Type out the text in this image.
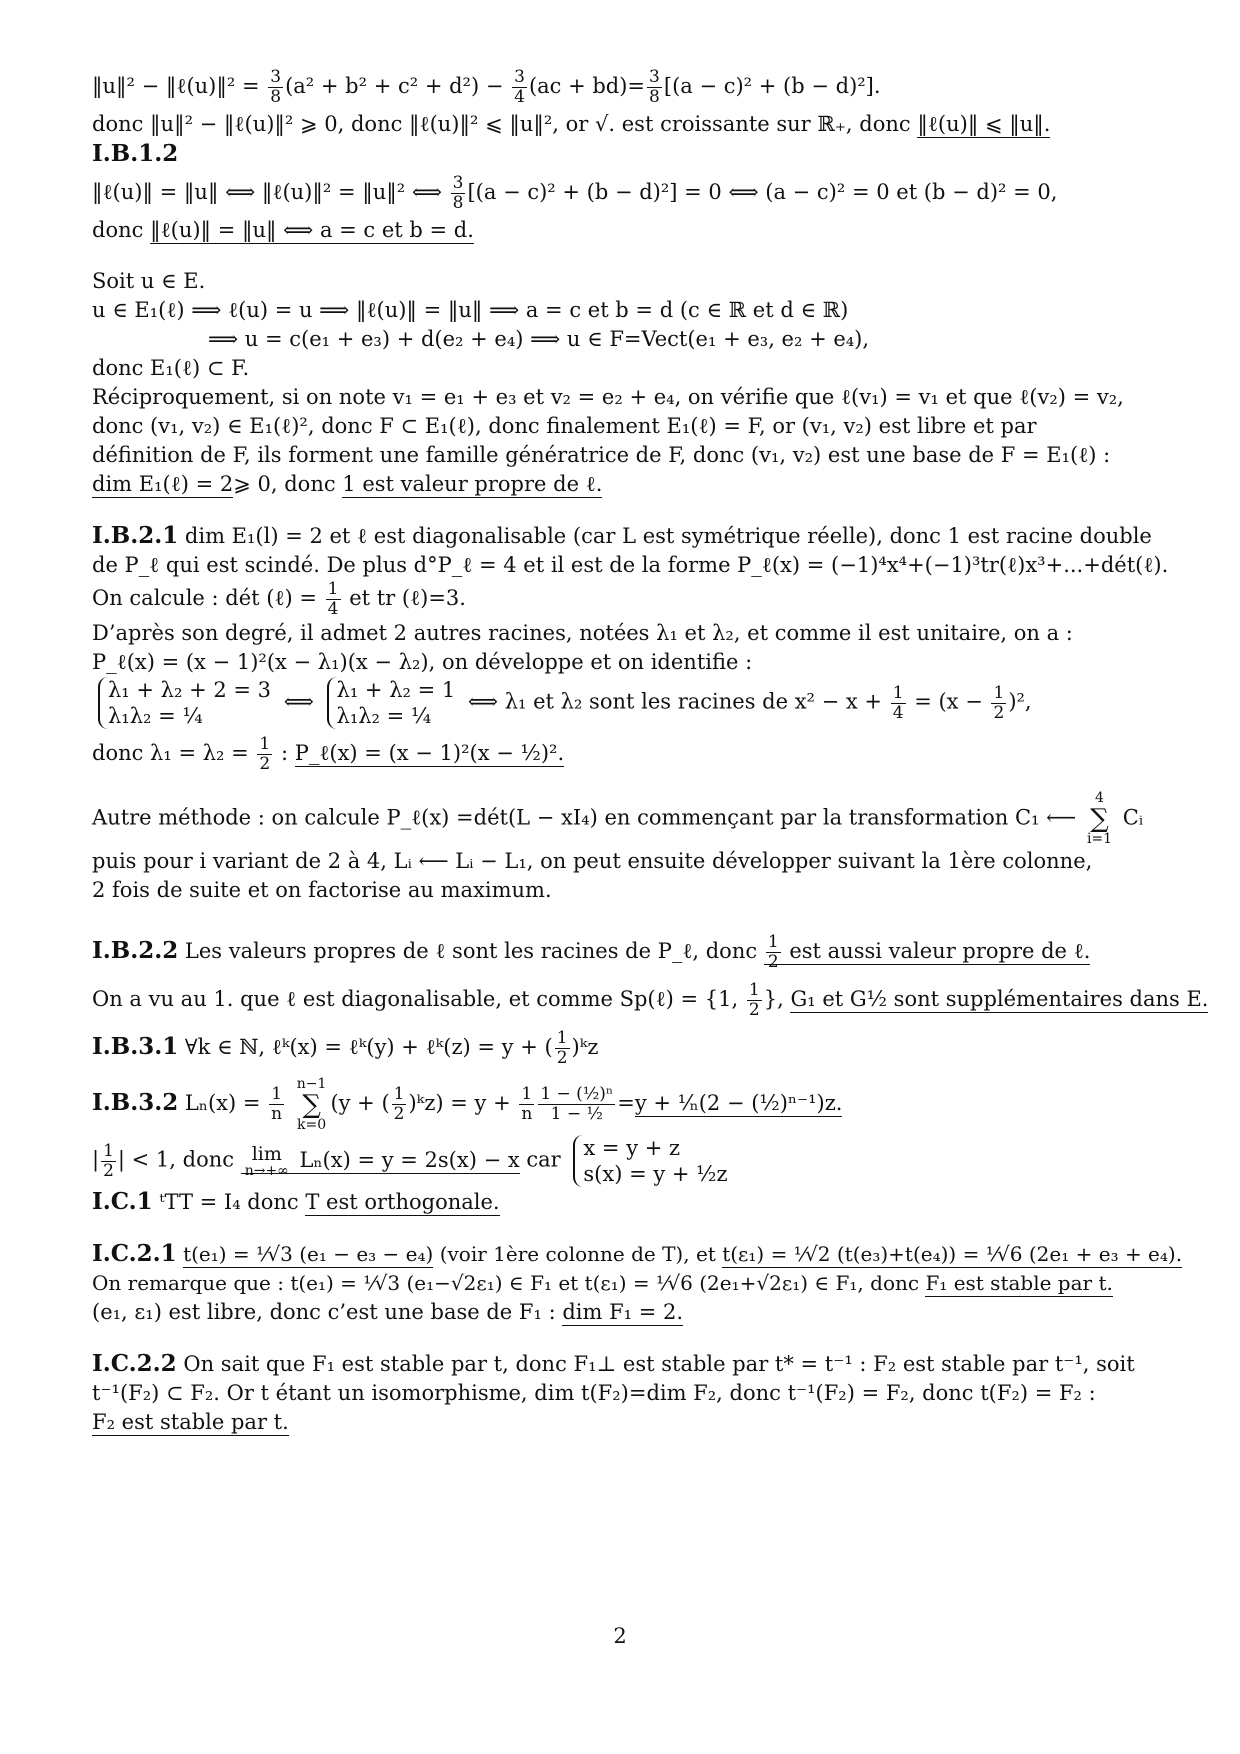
‖u‖² − ‖ℓ(u)‖² = $\frac{3}{8} (a^2 + b^2 + c^2 + d^2) - \frac{3}{4} (ac + bd)= \frac{3}{8} [(a - c)^2 + (b - d)^2]$.
donc ‖u‖² − ‖ℓ(u)‖² ⩾ 0, donc ‖ℓ(u)‖² ⩽ ‖u‖², or √. est croissante sur ℝ₊, donc ‖ℓ(u)‖ ⩽ ‖u‖.
I.B.1.2
‖ℓ(u)‖ = ‖u‖ ⟺ ‖ℓ(u)‖² = ‖u‖² ⟺ $\frac{3}{8} [(a - c)^2 + (b - d)^2] = 0$ ⟺ (a − c)² = 0 et (b − d)² = 0,
donc ‖ℓ(u)‖ = ‖u‖ ⟺ a = c et b = d.
Soit u ∈ E.
u ∈ E₁(ℓ) ⟹ ℓ(u) = u ⟹ ‖ℓ(u)‖ = ‖u‖ ⟹ a = c et b = d (c ∈ ℝ et d ∈ ℝ)
⟹ u = c(e₁ + e₃) + d(e₂ + e₄) ⟹ u ∈ F=Vect(e₁ + e₃, e₂ + e₄),
donc E₁(ℓ) ⊂ F.
Réciproquement, si on note v₁ = e₁ + e₃ et v₂ = e₂ + e₄, on vérifie que ℓ(v₁) = v₁ et que ℓ(v₂) = v₂,
donc (v₁, v₂) ∈ E₁(ℓ)², donc F ⊂ E₁(ℓ), donc finalement E₁(ℓ) = F, or (v₁, v₂) est libre et par
définition de F, ils forment une famille génératrice de F, donc (v₁, v₂) est une base de F = E₁(ℓ) :
dim E₁(ℓ) = 2⩾ 0, donc 1 est valeur propre de ℓ.
I.B.2.1 dim E₁(l) = 2 et ℓ est diagonalisable (car L est symétrique réelle), donc 1 est racine double
de P_ℓ qui est scindé. De plus d°P_ℓ = 4 et il est de la forme P_ℓ(x) = (−1)⁴x⁴+(−1)³tr(ℓ)x³+...+dét(ℓ).
On calcule : dét (ℓ) = $\frac{1}{4}$ et tr (ℓ)=3.
D’après son degré, il admet 2 autres racines, notées λ₁ et λ₂, et comme il est unitaire, on a :
P_ℓ(x) = (x − 1)²(x − λ₁)(x − λ₂), on développe et on identifie :
λ₁ + λ₂ + 2 = 3
λ₁λ₂ = ¼
⟺ λ₁ + λ₂ = 1
λ₁λ₂ = ¼
⟺ λ₁ et λ₂ sont les racines de $x^2 - x + \frac{1}{4} = (x - \frac{1}{2} )^2$,
donc $\lambda_1 = \lambda_2 = \frac{1}{2}$ : P_ℓ(x) = (x − 1)²(x − ½)².
Autre méthode : on calcule P_ℓ(x) =dét(L − xI₄) en commençant par la transformation C₁ ⟵
4
∑
i=1
Cᵢ
puis pour i variant de 2 à 4, Lᵢ ⟵ Lᵢ − L₁, on peut ensuite développer suivant la 1ère colonne,
2 fois de suite et on factorise au maximum.
I.B.2.2 Les valeurs propres de ℓ sont les racines de P_ℓ, donc $\frac{1}{2}$ est aussi valeur propre de ℓ.
On a vu au 1. que ℓ est diagonalisable, et comme Sp(ℓ) = {1, $\frac{1}{2}$ }, G₁ et G½ sont supplémentaires dans E.
I.B.3.1 ∀k ∈ ℕ, ℓᵏ(x) = ℓᵏ(y) + ℓᵏ(z) = y + ( $\frac{1}{2}$ )ᵏz
I.B.3.2 $L_n(x) = \frac{1}{n}$

n−1
∑
k=0
(y + ( $\frac{1}{2}$ )ᵏz) = $y + \frac{1}{n} \frac{\text{1 − (½)ⁿ}}{\text{1 − ½}} =y$ + ¹⁄ₙ(2 − (½)ⁿ⁻¹)z.
| $\frac{1}{2}$ | < 1, donc lim
n→+∞ Lₙ(x) = y = 2s(x) − x car x = y + z
s(x) = y + ½z
I.C.1 ᵗTT = I₄ donc T est orthogonale.
I.C.2.1 t(e₁) = ¹⁄√3 (e₁ − e₃ − e₄) (voir 1ère colonne de T), et t(ε₁) = ¹⁄√2 (t(e₃)+t(e₄)) = ¹⁄√6 (2e₁ + e₃ + e₄).
On remarque que : t(e₁) = ¹⁄√3 (e₁−√2ε₁) ∈ F₁ et t(ε₁) = ¹⁄√6 (2e₁+√2ε₁) ∈ F₁, donc F₁ est stable par t.
(e₁, ε₁) est libre, donc c’est une base de F₁ : dim F₁ = 2.
I.C.2.2 On sait que F₁ est stable par t, donc F₁⊥ est stable par t* = t⁻¹ : F₂ est stable par t⁻¹, soit
t⁻¹(F₂) ⊂ F₂. Or t étant un isomorphisme, dim t(F₂)=dim F₂, donc t⁻¹(F₂) = F₂, donc t(F₂) = F₂ :
F₂ est stable par t.
2
